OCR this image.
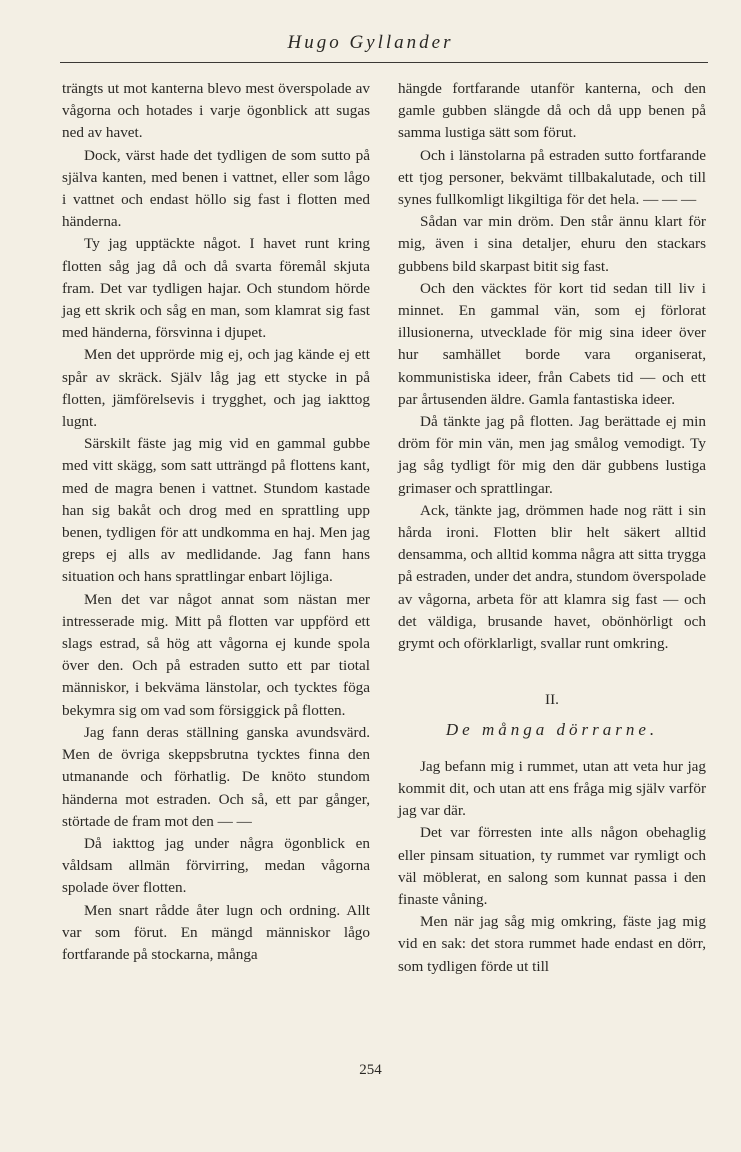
Hugo Gyllander

trängts ut mot kanterna blevo mest överspolade av vågorna och hotades i varje ögonblick att sugas ned av havet.

Dock, värst hade det tydligen de som sutto på själva kanten, med benen i vattnet, eller som lågo i vattnet och endast höllo sig fast i flotten med händerna.

Ty jag upptäckte något. I havet runt kring flotten såg jag då och då svarta föremål skjuta fram. Det var tydligen hajar. Och stundom hörde jag ett skrik och såg en man, som klamrat sig fast med händerna, försvinna i djupet.

Men det upprörde mig ej, och jag kände ej ett spår av skräck. Själv låg jag ett stycke in på flotten, jämförelsevis i trygghet, och jag iakttog lugnt.

Särskilt fäste jag mig vid en gammal gubbe med vitt skägg, som satt utträngd på flottens kant, med de magra benen i vattnet. Stundom kastade han sig bakåt och drog med en sprattling upp benen, tydligen för att undkomma en haj. Men jag greps ej alls av medlidande. Jag fann hans situation och hans sprattlingar enbart löjliga.

Men det var något annat som nästan mer intresserade mig. Mitt på flotten var uppförd ett slags estrad, så hög att vågorna ej kunde spola över den. Och på estraden sutto ett par tiotal människor, i bekväma länstolar, och tycktes föga bekymra sig om vad som försiggick på flotten.

Jag fann deras ställning ganska avundsvärd. Men de övriga skeppsbrutna tycktes finna den utmanande och förhatlig. De knöto stundom händerna mot estraden. Och så, ett par gånger, störtade de fram mot den — —

Då iakttog jag under några ögonblick en våldsam allmän förvirring, medan vågorna spolade över flotten.

Men snart rådde åter lugn och ordning. Allt var som förut. En mängd människor lågo fortfarande på stockarna, många

hängde fortfarande utanför kanterna, och den gamle gubben slängde då och då upp benen på samma lustiga sätt som förut.

Och i länstolarna på estraden sutto fortfarande ett tjog personer, bekvämt tillbakalutade, och till synes fullkomligt likgiltiga för det hela. — — —

Sådan var min dröm. Den står ännu klart för mig, även i sina detaljer, ehuru den stackars gubbens bild skarpast bitit sig fast.

Och den väcktes för kort tid sedan till liv i minnet. En gammal vän, som ej förlorat illusionerna, utvecklade för mig sina ideer över hur samhället borde vara organiserat, kommunistiska ideer, från Cabets tid — och ett par årtusenden äldre. Gamla fantastiska ideer.

Då tänkte jag på flotten. Jag berättade ej min dröm för min vän, men jag smålog vemodigt. Ty jag såg tydligt för mig den där gubbens lustiga grimaser och sprattlingar.

Ack, tänkte jag, drömmen hade nog rätt i sin hårda ironi. Flotten blir helt säkert alltid densamma, och alltid komma några att sitta trygga på estraden, under det andra, stundom överspolade av vågorna, arbeta för att klamra sig fast — och det väldiga, brusande havet, obönhörligt och grymt och oförklarligt, svallar runt omkring.

II.
De många dörrarne.

Jag befann mig i rummet, utan att veta hur jag kommit dit, och utan att ens fråga mig själv varför jag var där.

Det var förresten inte alls någon obehaglig eller pinsam situation, ty rummet var rymligt och väl möblerat, en salong som kunnat passa i den finaste våning.

Men när jag såg mig omkring, fäste jag mig vid en sak: det stora rummet hade endast en dörr, som tydligen förde ut till

254
